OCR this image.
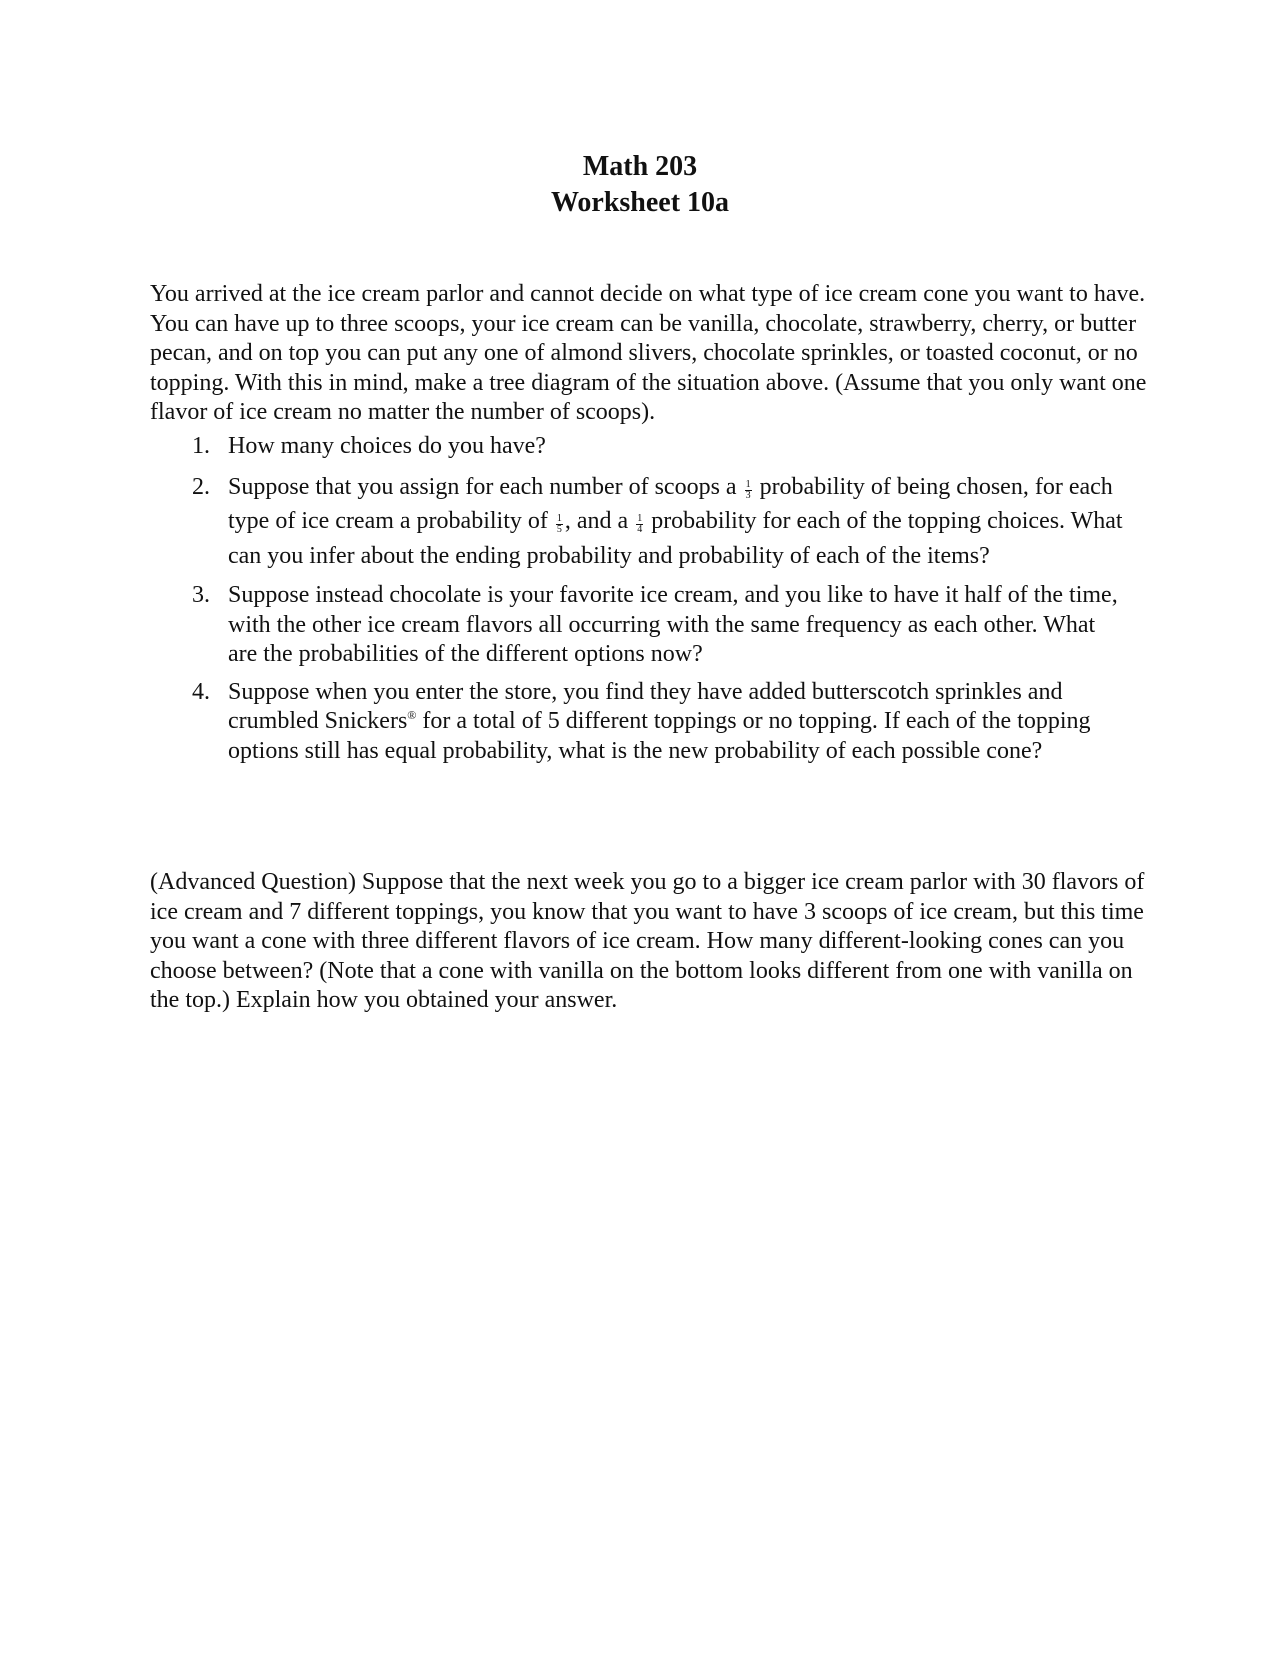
Math 203
Worksheet 10a

You arrived at the ice cream parlor and cannot decide on what type of ice cream cone you want to have. You can have up to three scoops, your ice cream can be vanilla, chocolate, strawberry, cherry, or butter pecan, and on top you can put any one of almond slivers, chocolate sprinkles, or toasted coconut, or no topping. With this in mind, make a tree diagram of the situation above. (Assume that you only want one flavor of ice cream no matter the number of scoops).

1. How many choices do you have?
2. Suppose that you assign for each number of scoops a $\frac{1}{3}$ probability of being chosen, for each type of ice cream a probability of $\frac{1}{5}$ , and a $\frac{1}{4}$ probability for each of the topping choices. What can you infer about the ending probability and probability of each of the items?
3. Suppose instead chocolate is your favorite ice cream, and you like to have it half of the time, with the other ice cream flavors all occurring with the same frequency as each other. What are the probabilities of the different options now?
4. Suppose when you enter the store, you find they have added butterscotch sprinkles and crumbled Snickers® for a total of 5 different toppings or no topping. If each of the topping options still has equal probability, what is the new probability of each possible cone?

(Advanced Question) Suppose that the next week you go to a bigger ice cream parlor with 30 flavors of ice cream and 7 different toppings, you know that you want to have 3 scoops of ice cream, but this time you want a cone with three different flavors of ice cream. How many different-looking cones can you choose between? (Note that a cone with vanilla on the bottom looks different from one with vanilla on the top.) Explain how you obtained your answer.
